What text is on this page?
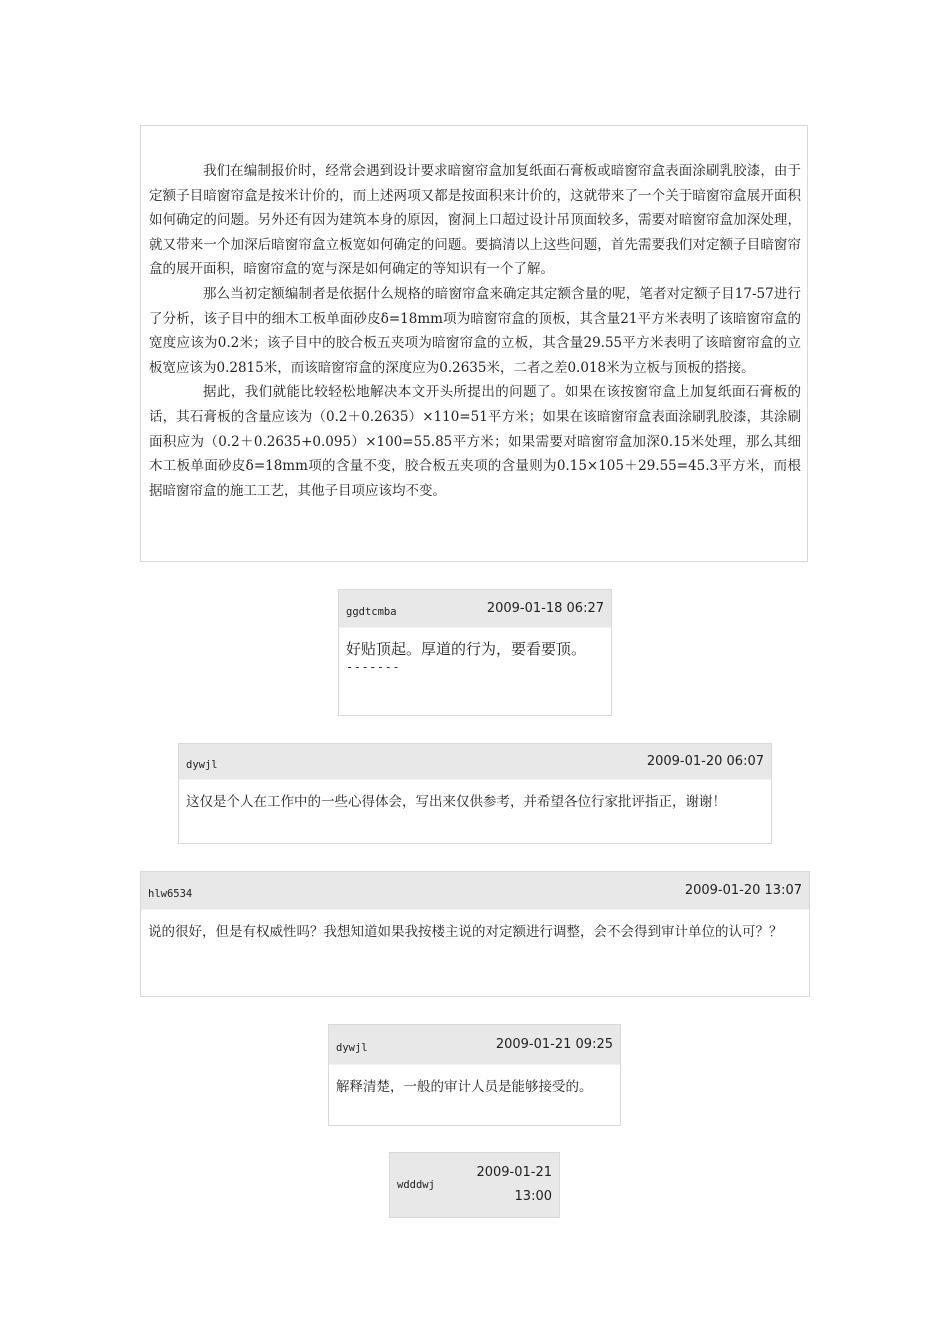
我们在编制报价时，经常会遇到设计要求暗窗帘盒加复纸面石膏板或暗窗帘盒表面涂刷乳胶漆，由于定额子目暗窗帘盒是按米计价的，而上述两项又都是按面积来计价的，这就带来了一个关于暗窗帘盒展开面积如何确定的问题。另外还有因为建筑本身的原因，窗洞上口超过设计吊顶面较多，需要对暗窗帘盒加深处理，就又带来一个加深后暗窗帘盒立板宽如何确定的问题。要搞清以上这些问题，首先需要我们对定额子目暗窗帘盒的展开面积，暗窗帘盒的宽与深是如何确定的等知识有一个了解。

那么当初定额编制者是依据什么规格的暗窗帘盒来确定其定额含量的呢，笔者对定额子目17-57进行了分析，该子目中的细木工板单面砂皮δ=18mm项为暗窗帘盒的顶板，其含量21平方米表明了该暗窗帘盒的宽度应该为0.2米；该子目中的胶合板五夹项为暗窗帘盒的立板，其含量29.55平方米表明了该暗窗帘盒的立板宽应该为0.2815米，而该暗窗帘盒的深度应为0.2635米，二者之差0.018米为立板与顶板的搭接。

据此，我们就能比较轻松地解决本文开头所提出的问题了。如果在该按窗帘盒上加复纸面石膏板的话，其石膏板的含量应该为（0.2＋0.2635）×110=51平方米；如果在该暗窗帘盒表面涂刷乳胶漆，其涂刷面积应为（0.2＋0.2635+0.095）×100=55.85平方米；如果需要对暗窗帘盒加深0.15米处理，那么其细木工板单面砂皮δ=18mm项的含量不变，胶合板五夹项的含量则为0.15×105＋29.55=45.3平方米，而根据暗窗帘盒的施工工艺，其他子目项应该均不变。

ggdtcmba	2009-01-18 06:27
好贴顶起。厚道的行为，要看要顶。
-------
dywjl	2009-01-20 06:07
这仅是个人在工作中的一些心得体会，写出来仅供参考，并希望各位行家批评指正，谢谢！
hlw6534	2009-01-20 13:07
说的很好，但是有权威性吗？我想知道如果我按楼主说的对定额进行调整，会不会得到审计单位的认可？？
dywjl	2009-01-21 09:25
解释清楚，一般的审计人员是能够接受的。
wdddwj
2009-01-21 13:00
